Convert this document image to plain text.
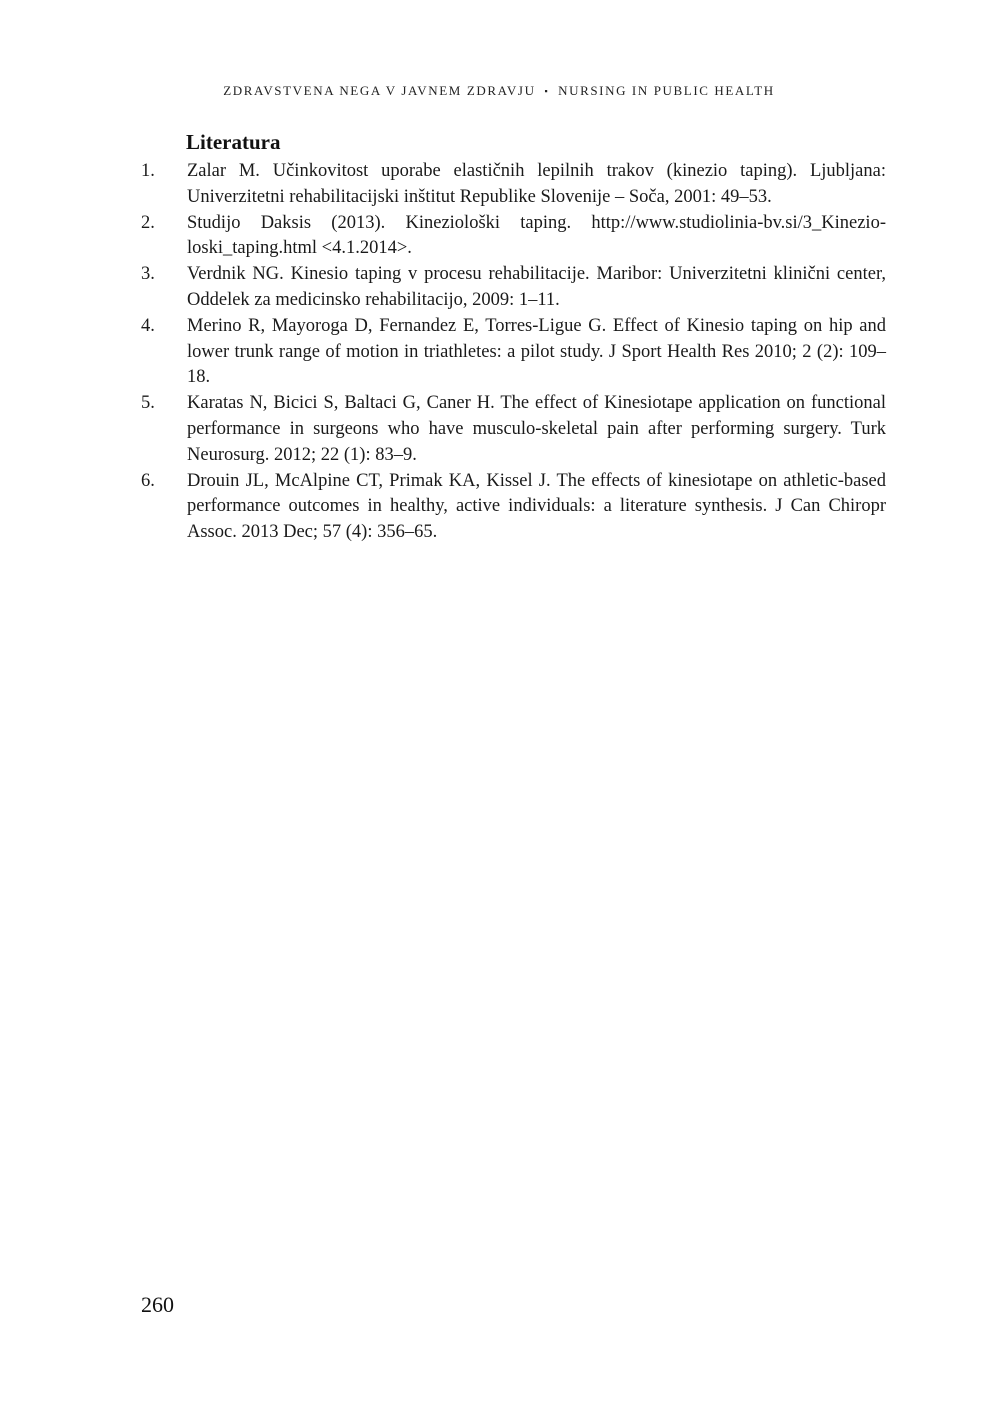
ZDRAVSTVENA NEGA V JAVNEM ZDRAVJU ▪ NURSING IN PUBLIC HEALTH
Literatura
1. Zalar M. Učinkovitost uporabe elastičnih lepilnih trakov (kinezio taping). Ljubljana: Univerzitetni rehabilitacijski inštitut Republike Slovenije – Soča, 2001: 49–53.
2. Studijo Daksis (2013). Kineziološki taping. http://www.studiolinia-bv.si/3_Kinezioloski_taping.html <4.1.2014>.
3. Verdnik NG. Kinesio taping v procesu rehabilitacije. Maribor: Univerzitetni klinični center, Oddelek za medicinsko rehabilitacijo, 2009: 1–11.
4. Merino R, Mayoroga D, Fernandez E, Torres-Ligue G. Effect of Kinesio taping on hip and lower trunk range of motion in triathletes: a pilot study. J Sport Health Res 2010; 2 (2): 109–18.
5. Karatas N, Bicici S, Baltaci G, Caner H. The effect of Kinesiotape application on functional performance in surgeons who have musculo-skeletal pain after performing surgery. Turk Neurosurg. 2012; 22 (1): 83–9.
6. Drouin JL, McAlpine CT, Primak KA, Kissel J. The effects of kinesiotape on athletic-based performance outcomes in healthy, active individuals: a literature synthesis. J Can Chiropr Assoc. 2013 Dec; 57 (4): 356–65.
260
